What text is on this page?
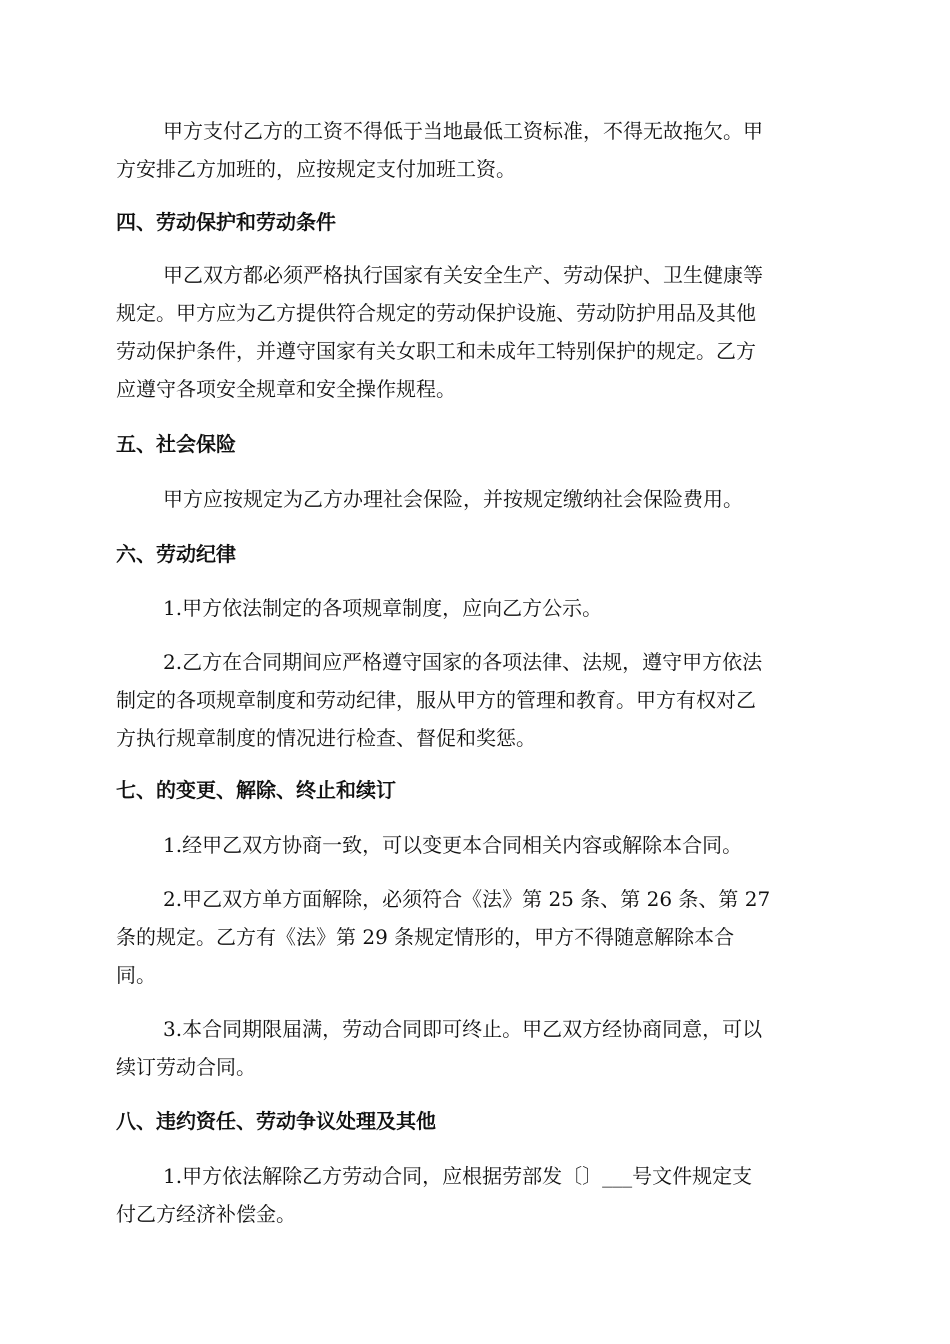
甲方支付乙方的工资不得低于当地最低工资标准，不得无故拖欠。甲
方安排乙方加班的，应按规定支付加班工资。
四、劳动保护和劳动条件
甲乙双方都必须严格执行国家有关安全生产、劳动保护、卫生健康等
规定。甲方应为乙方提供符合规定的劳动保护设施、劳动防护用品及其他
劳动保护条件，并遵守国家有关女职工和未成年工特别保护的规定。乙方
应遵守各项安全规章和安全操作规程。
五、社会保险
甲方应按规定为乙方办理社会保险，并按规定缴纳社会保险费用。
六、劳动纪律
1.甲方依法制定的各项规章制度，应向乙方公示。
2.乙方在合同期间应严格遵守国家的各项法律、法规，遵守甲方依法
制定的各项规章制度和劳动纪律，服从甲方的管理和教育。甲方有权对乙
方执行规章制度的情况进行检查、督促和奖惩。
七、的变更、解除、终止和续订
1.经甲乙双方协商一致，可以变更本合同相关内容或解除本合同。
2.甲乙双方单方面解除，必须符合《法》第 25 条、第 26 条、第 27
条的规定。乙方有《法》第 29 条规定情形的，甲方不得随意解除本合
同。
3.本合同期限届满，劳动合同即可终止。甲乙双方经协商同意，可以
续订劳动合同。
八、违约资任、劳动争议处理及其他
1.甲方依法解除乙方劳动合同，应根据劳部发〔〕___号文件规定支
付乙方经济补偿金。
